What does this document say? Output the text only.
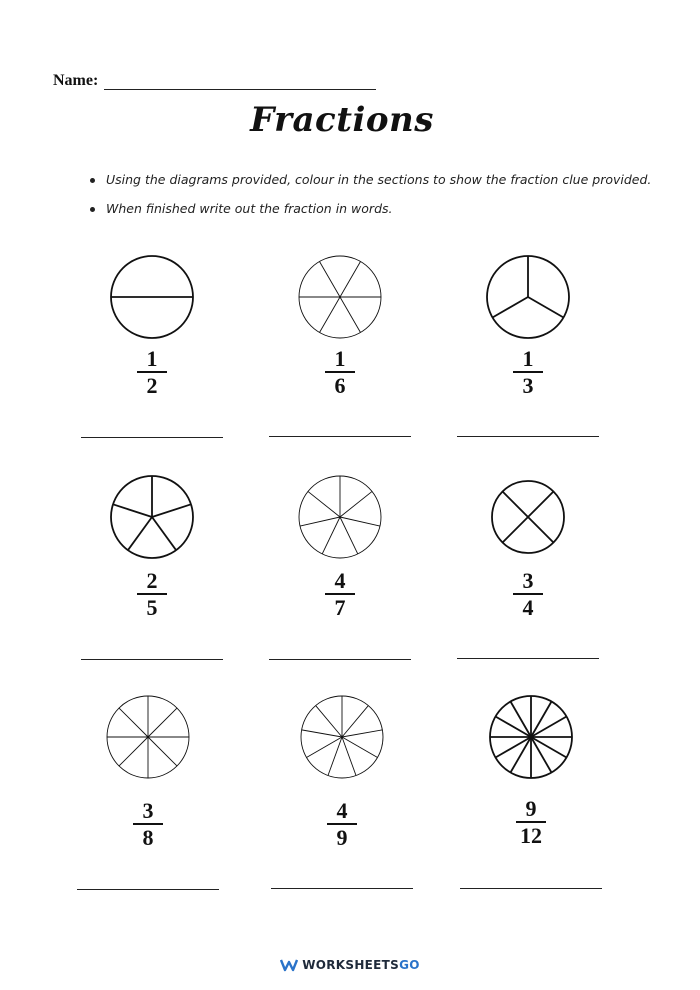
Name:
Fractions
Using the diagrams provided, colour in the sections to show the fraction clue provided.
When finished write out the fraction in words.
1
2
1
6
1
3
2
5
4
7
3
4
3
8
4
9
9
12
WORKSHEETS GO
